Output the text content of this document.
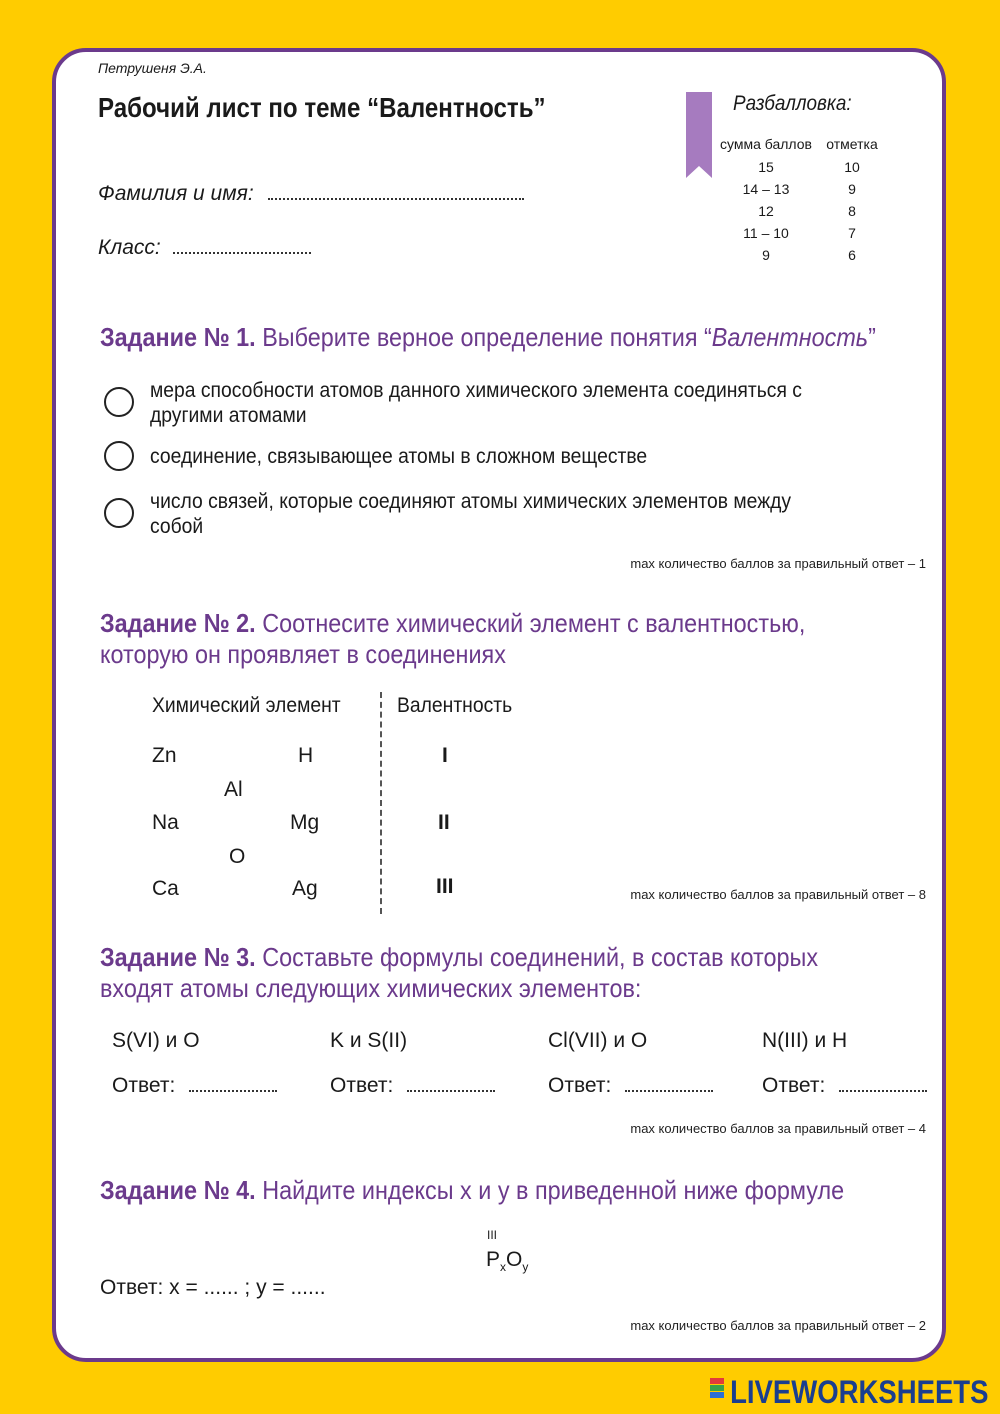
Петрушеня Э.А.
Рабочий лист по теме “Валентность”
Фамилия и имя:
Класс:
Разбалловка:
сумма баллов	отметка
15	10
14 – 13	9
12	8
11 – 10	7
9	6
Задание № 1. Выберите верное определение понятия “Валентность”
мера способности атомов данного химического элемента соединяться с другими атомами
соединение, связывающее атомы в сложном веществе
число связей, которые соединяют атомы химических элементов между собой
max количество баллов за правильный ответ – 1
Задание № 2. Соотнесите химический элемент с валентностью,
которую он проявляет в соединениях
Химический элемент	Валентность
Zn	H
Al
Na	Mg
O
Ca	Ag
I
II
III	max количество баллов за правильный ответ – 8
Задание № 3. Составьте формулы соединений, в состав которых
входят атомы следующих химических элементов:
S(VI) и O	K и S(II)	Cl(VII) и O	N(III) и H
Ответ:	Ответ:	Ответ:	Ответ:
max количество баллов за правильный ответ – 4
Задание № 4. Найдите индексы x и y в приведенной ниже формуле
III
$P_xO_y$
Ответ: x = ...... ; y = ......
max количество баллов за правильный ответ – 2
LIVEWORKSHEETS
